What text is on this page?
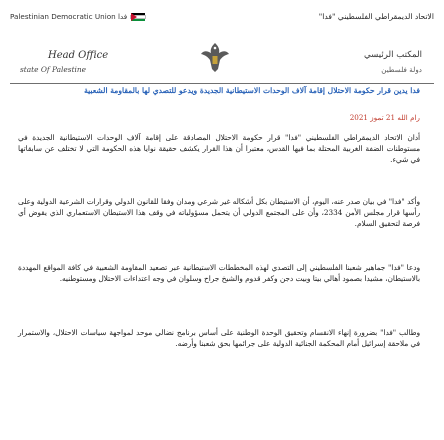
Palestinian Democratic Union فدا	الاتحاد الديمقراطي الفلسطيني "فدا"
Head Office
state Of Palestine
المكتب الرئيسي
دولة فلسطين
فدا يدين قرار حكومة الاحتلال إقامة آلاف الوحدات الاستيطانية الجديدة ويدعو للتصدي لها بالمقاومة الشعبية
رام الله 21 تموز 2021
أدان الاتحاد الديمقراطي الفلسطيني "فدا" قرار حكومة الاحتلال المصادقة على إقامة آلاف الوحدات الاستيطانية الجديدة في مستوطنات الضفة الغربية المحتلة بما فيها القدس، معتبرا أن هذا القرار يكشف حقيقة نوايا هذه الحكومة التي لا تختلف عن سابقاتها في شيء.
وأكد "فدا" في بيان صدر عنه، اليوم، أن الاستيطان بكل أشكاله غير شرعي ومدان وفقا للقانون الدولي وقرارات الشرعية الدولية وعلى رأسها قرار مجلس الأمن 2334، وأن على المجتمع الدولي أن يتحمل مسؤولياته في وقف هذا الاستيطان الاستعماري الذي يقوض أي فرصة لتحقيق السلام.
ودعا "فدا" جماهير شعبنا الفلسطيني إلى التصدي لهذه المخططات الاستيطانية عبر تصعيد المقاومة الشعبية في كافة المواقع المهددة بالاستيطان، مشيدا بصمود أهالي بيتا وبيت دجن وكفر قدوم والشيخ جراح وسلوان في وجه اعتداءات الاحتلال ومستوطنيه.
وطالب "فدا" بضرورة إنهاء الانقسام وتحقيق الوحدة الوطنية على أساس برنامج نضالي موحد لمواجهة سياسات الاحتلال، والاستمرار في ملاحقة إسرائيل أمام المحكمة الجنائية الدولية على جرائمها بحق شعبنا وأرضه.
